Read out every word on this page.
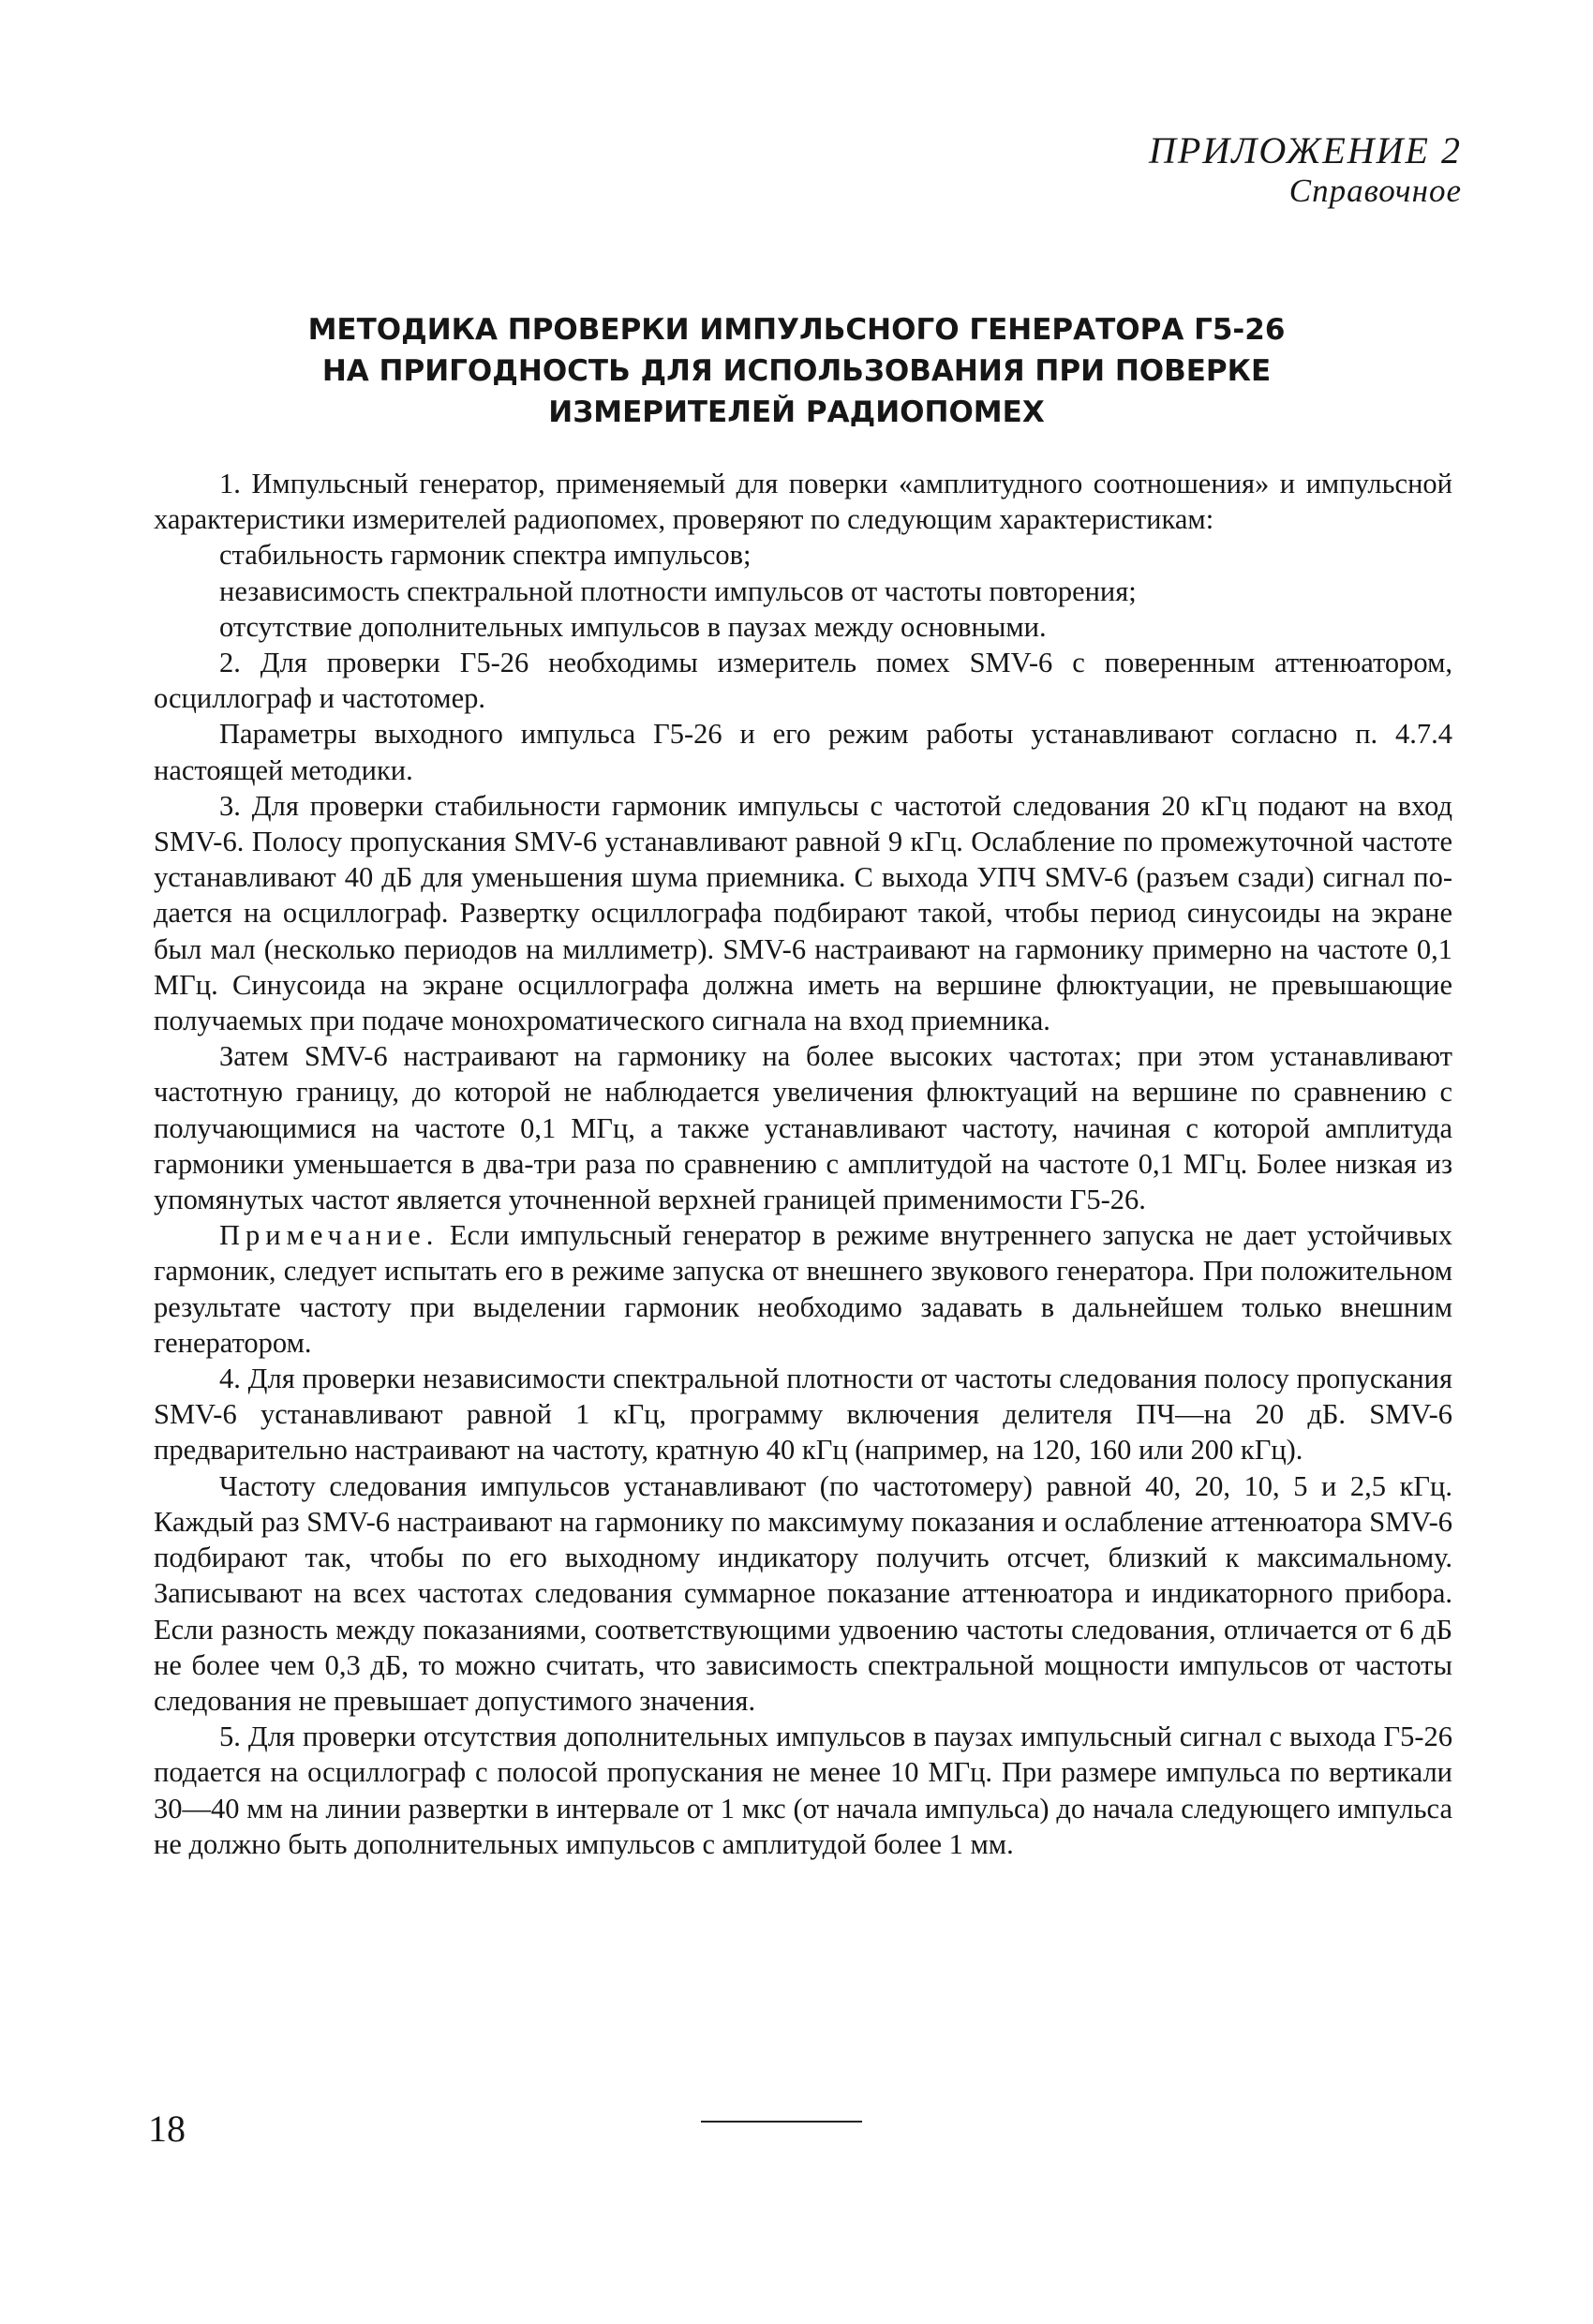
ПРИЛОЖЕНИЕ 2
Справочное
МЕТОДИКА ПРОВЕРКИ ИМПУЛЬСНОГО ГЕНЕРАТОРА Г5-26
НА ПРИГОДНОСТЬ ДЛЯ ИСПОЛЬЗОВАНИЯ ПРИ ПОВЕРКЕ
ИЗМЕРИТЕЛЕЙ РАДИОПОМЕХ

1. Импульсный генератор, применяемый для поверки «амплитудного соотношения» и импульсной характеристики измерителей радиопомех, проверяют по следующим характеристикам:

стабильность гармоник спектра импульсов;

независимость спектральной плотности импульсов от частоты повторения;

отсутствие дополнительных импульсов в паузах между основными.

2. Для проверки Г5-26 необходимы измеритель помех SMV-6 с поверенным аттенюатором, осциллограф и частотомер.

Параметры выходного импульса Г5-26 и его режим работы устанавливают согласно п. 4.7.4 настоящей методики.

3. Для проверки стабильности гармоник импульсы с частотой следования 20 кГц подают на вход SMV-6. Полосу пропускания SMV-6 устанавливают равной 9 кГц. Ослабление по промежуточной частоте устанавливают 40 дБ для уменьшения шума приемника. С выхода УПЧ SMV-6 (разъем сзади) сигнал подается на осциллограф. Развертку осциллографа подбирают такой, чтобы период синусоиды на экране был мал (несколько периодов на миллиметр). SMV-6 настраивают на гармонику примерно на частоте 0,1 МГц. Синусоида на экране осциллографа должна иметь на вершине флюктуации, не превышающие получаемых при подаче монохроматического сигнала на вход приемника.

Затем SMV-6 настраивают на гармонику на более высоких частотах; при этом устанавливают частотную границу, до которой не наблюдается увеличения флюктуаций на вершине по сравнению с получающимися на частоте 0,1 МГц, а также устанавливают частоту, начиная с которой амплитуда гармоники уменьшается в два-три раза по сравнению с амплитудой на частоте 0,1 МГц. Более низкая из упомянутых частот является уточненной верхней границей применимости Г5-26.

Примечание. Если импульсный генератор в режиме внутреннего запуска не дает устойчивых гармоник, следует испытать его в режиме запуска от внешнего звукового генератора. При положительном результате частоту при выделении гармоник необходимо задавать в дальнейшем только внешним генератором.

4. Для проверки независимости спектральной плотности от частоты следования полосу пропускания SMV-6 устанавливают равной 1 кГц, программу включения делителя ПЧ—на 20 дБ. SMV-6 предварительно настраивают на частоту, кратную 40 кГц (например, на 120, 160 или 200 кГц).

Частоту следования импульсов устанавливают (по частотомеру) равной 40, 20, 10, 5 и 2,5 кГц. Каждый раз SMV-6 настраивают на гармонику по максимуму показания и ослабление аттенюатора SMV-6 подбирают так, чтобы по его выходному индикатору получить отсчет, близкий к максимальному. Записывают на всех частотах следования суммарное показание аттенюатора и индикаторного прибора. Если разность между показаниями, соответствующими удвоению частоты следования, отличается от 6 дБ не более чем 0,3 дБ, то можно считать, что зависимость спектральной мощности импульсов от частоты следования не превышает допустимого значения.

5. Для проверки отсутствия дополнительных импульсов в паузах импульсный сигнал с выхода Г5-26 подается на осциллограф с полосой пропускания не менее 10 МГц. При размере импульса по вертикали 30—40 мм на линии развертки в интервале от 1 мкс (от начала импульса) до начала следующего импульса не должно быть дополнительных импульсов с амплитудой более 1 мм.

18
